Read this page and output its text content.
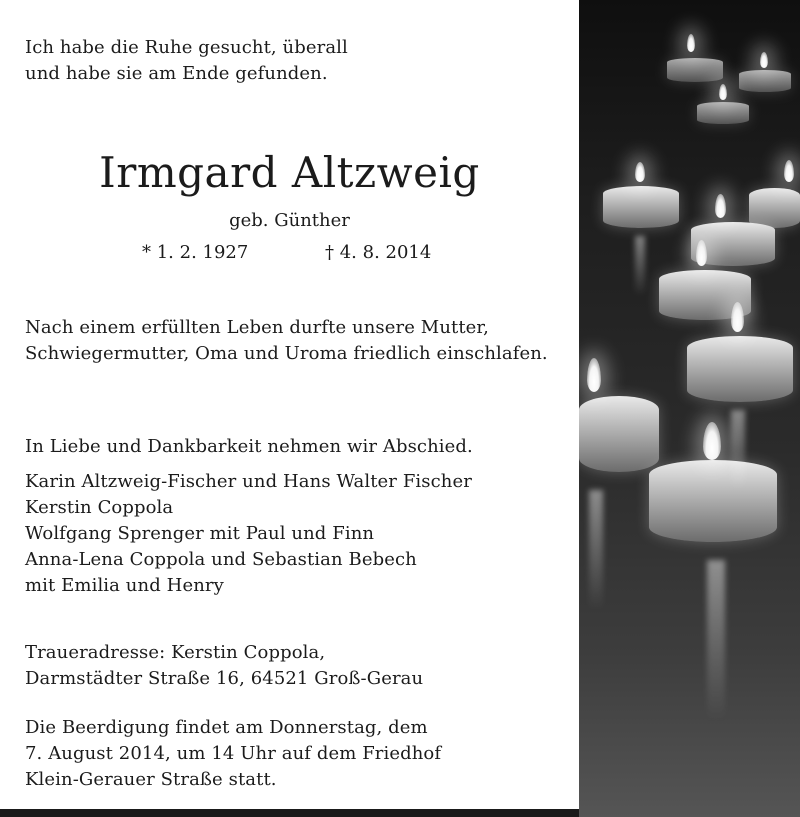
Ich habe die Ruhe gesucht, überall
und habe sie am Ende gefunden.
Irmgard Altzweig
geb. Günther
* 1. 2. 1927	† 4. 8. 2014
Nach einem erfüllten Leben durfte unsere Mutter,
Schwiegermutter, Oma und Uroma friedlich einschlafen.
In Liebe und Dankbarkeit nehmen wir Abschied.
Karin Altzweig-Fischer und Hans Walter Fischer
Kerstin Coppola
Wolfgang Sprenger mit Paul und Finn
Anna-Lena Coppola und Sebastian Bebech
mit Emilia und Henry
Traueradresse: Kerstin Coppola,
Darmstädter Straße 16, 64521 Groß-Gerau
Die Beerdigung findet am Donnerstag, dem
7. August 2014, um 14 Uhr auf dem Friedhof
Klein-Gerauer Straße statt.
